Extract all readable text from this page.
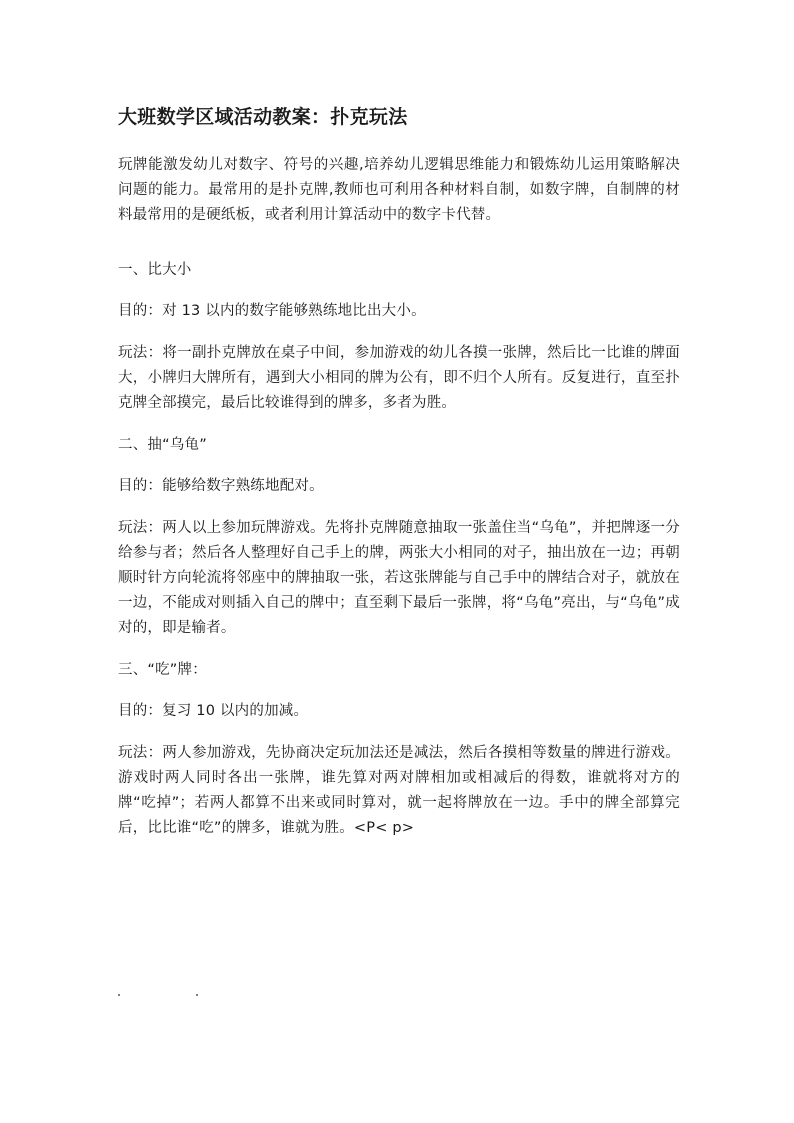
大班数学区域活动教案：扑克玩法

玩牌能激发幼儿对数字、符号的兴趣,培养幼儿逻辑思维能力和锻炼幼儿运用策略解决问题的能力。最常用的是扑克牌,教师也可利用各种材料自制，如数字牌，自制牌的材料最常用的是硬纸板，或者利用计算活动中的数字卡代替。

一、比大小

目的：对 13 以内的数字能够熟练地比出大小。

玩法：将一副扑克牌放在桌子中间，参加游戏的幼儿各摸一张牌，然后比一比谁的牌面大，小牌归大牌所有，遇到大小相同的牌为公有，即不归个人所有。反复进行，直至扑克牌全部摸完，最后比较谁得到的牌多，多者为胜。

二、抽“乌龟”

目的：能够给数字熟练地配对。

玩法：两人以上参加玩牌游戏。先将扑克牌随意抽取一张盖住当“乌龟”，并把牌逐一分给参与者；然后各人整理好自己手上的牌，两张大小相同的对子，抽出放在一边；再朝顺时针方向轮流将邻座中的牌抽取一张，若这张牌能与自己手中的牌结合对子，就放在一边，不能成对则插入自己的牌中；直至剩下最后一张牌，将“乌龟”亮出，与“乌龟”成对的，即是输者。

三、“吃”牌：

目的：复习 10 以内的加减。

玩法：两人参加游戏，先协商决定玩加法还是减法，然后各摸相等数量的牌进行游戏。游戏时两人同时各出一张牌，谁先算对两对牌相加或相减后的得数，谁就将对方的牌“吃掉”；若两人都算不出来或同时算对，就一起将牌放在一边。手中的牌全部算完后，比比谁“吃”的牌多，谁就为胜。<P< p>
